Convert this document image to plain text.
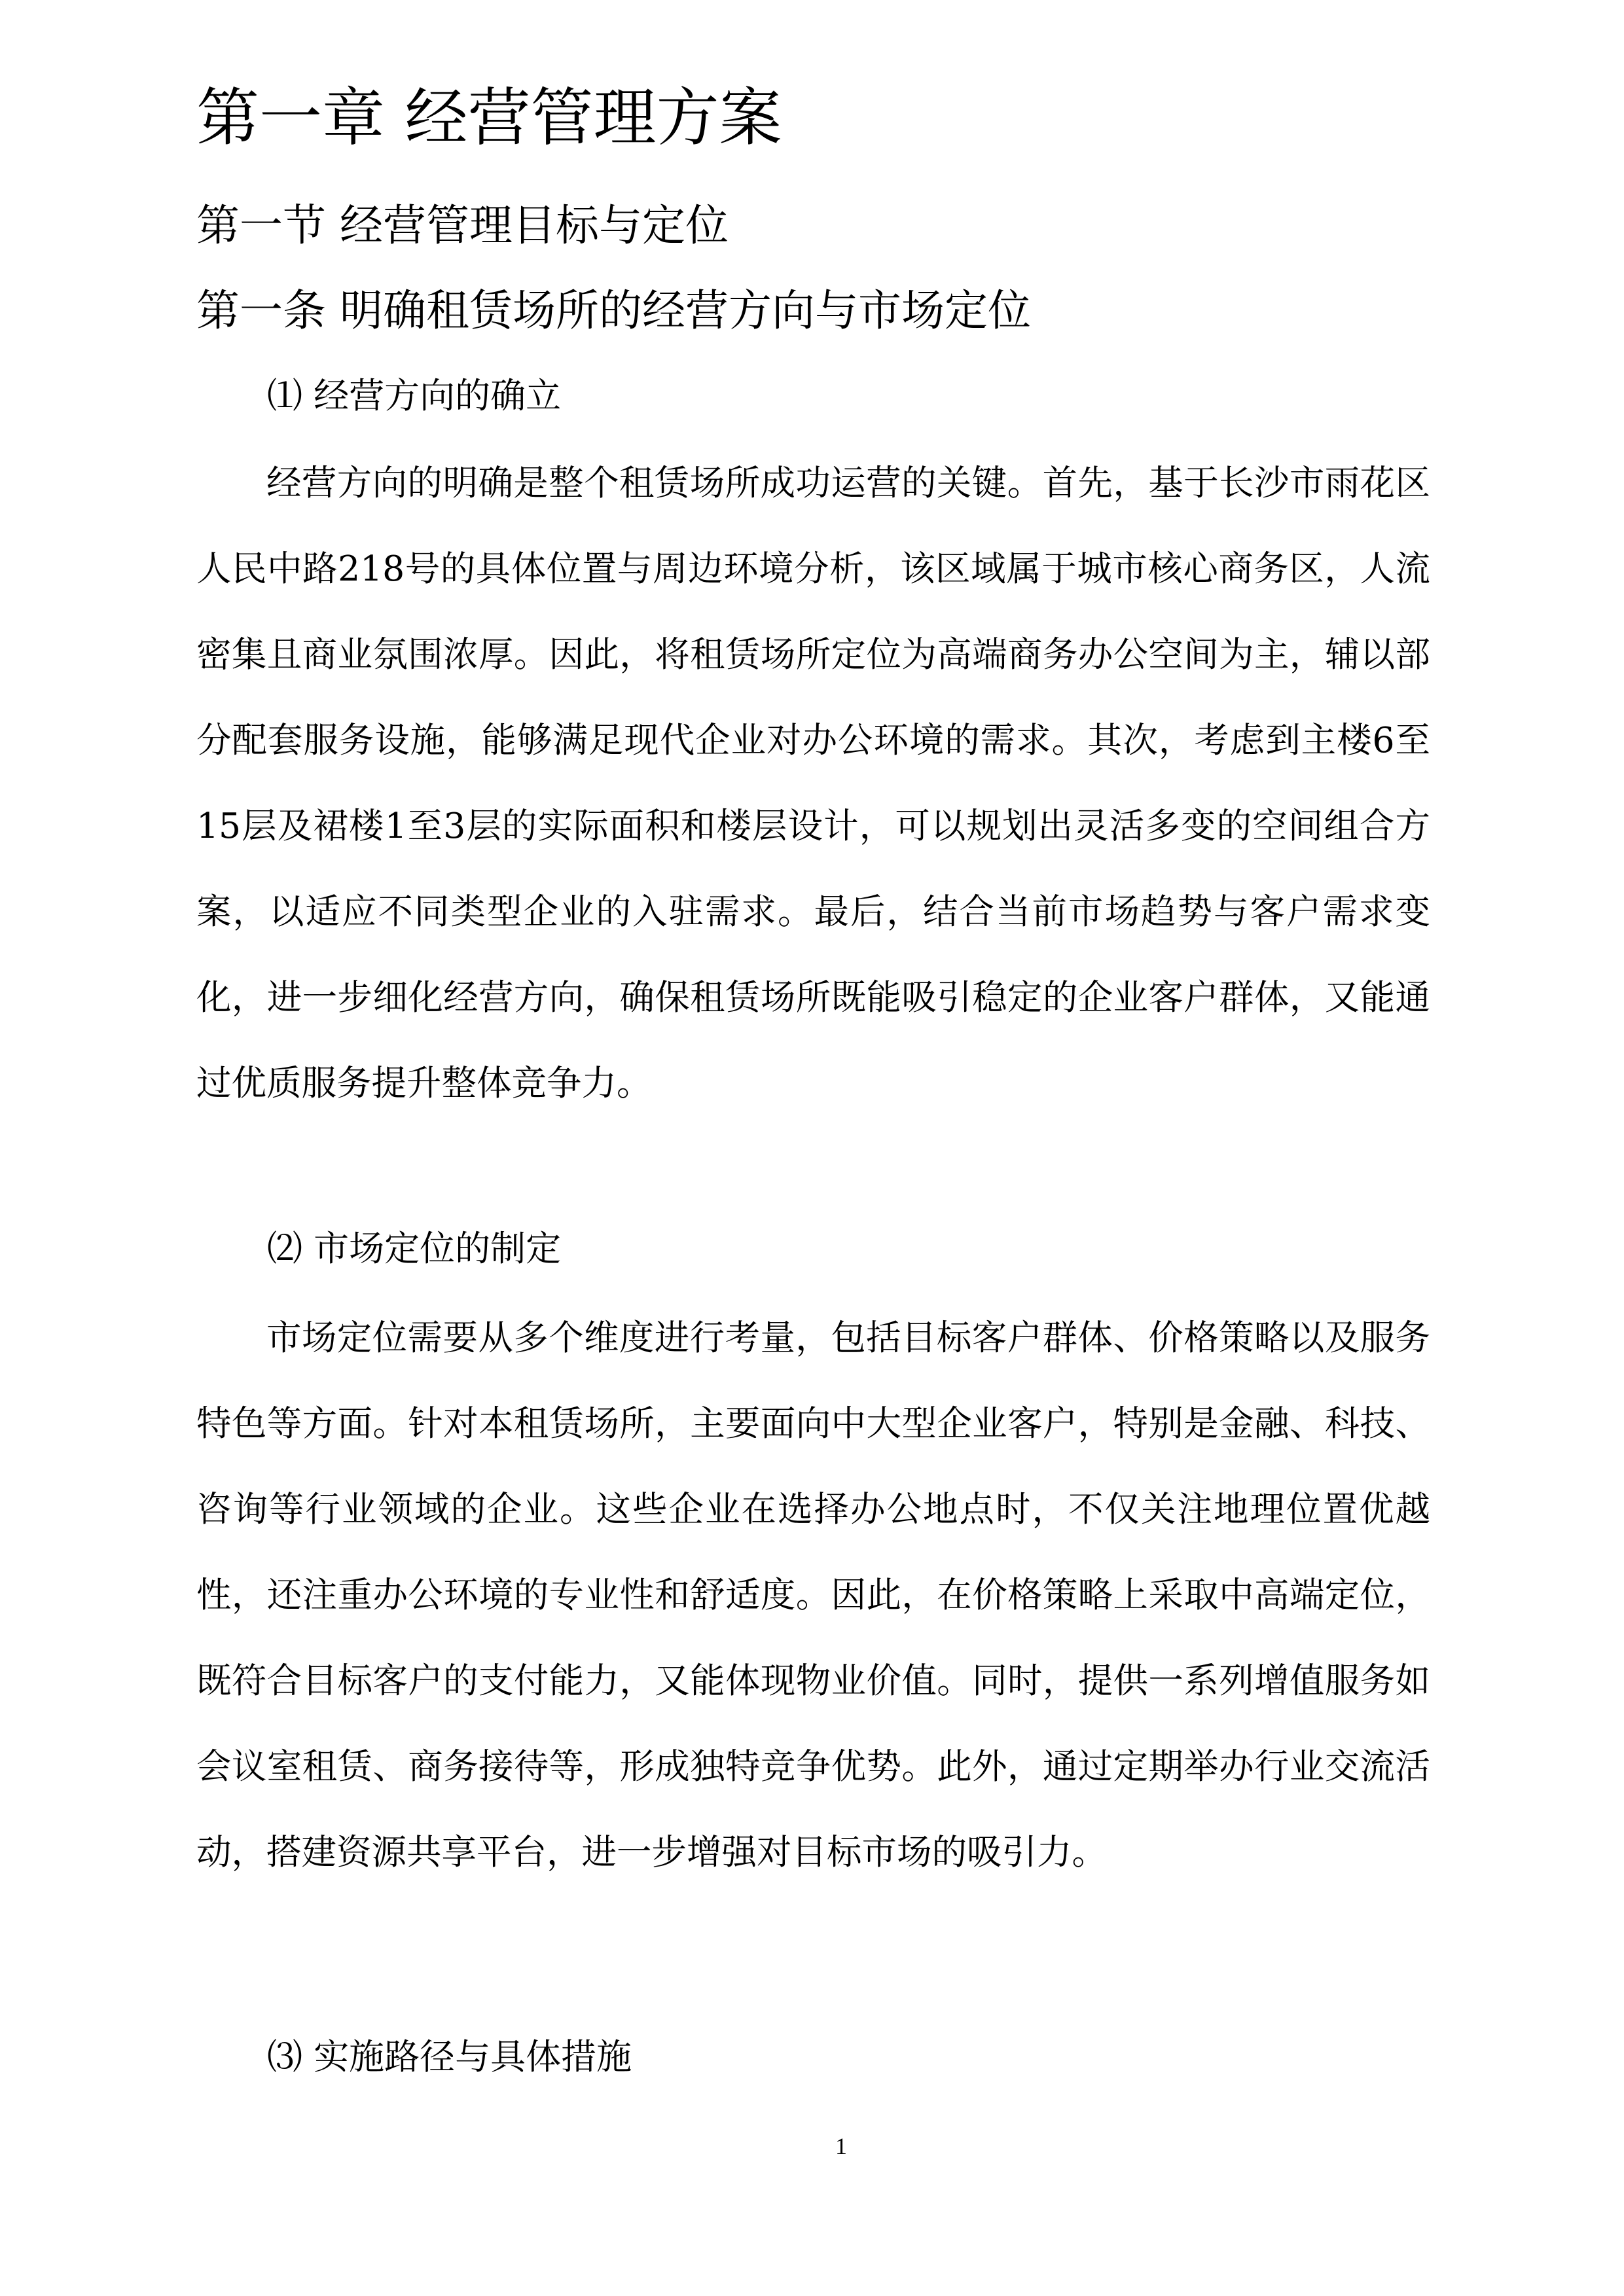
第一章 经营管理方案
第一节 经营管理目标与定位
第一条 明确租赁场所的经营方向与市场定位
⑴ 经营方向的确立
经营方向的明确是整个租赁场所成功运营的关键。首先，基于长沙市雨花区人民中路218号的具体位置与周边环境分析，该区域属于城市核心商务区，人流密集且商业氛围浓厚。因此，将租赁场所定位为高端商务办公空间为主，辅以部分配套服务设施，能够满足现代企业对办公环境的需求。其次，考虑到主楼6至15层及裙楼1至3层的实际面积和楼层设计，可以规划出灵活多变的空间组合方案，以适应不同类型企业的入驻需求。最后，结合当前市场趋势与客户需求变化，进一步细化经营方向，确保租赁场所既能吸引稳定的企业客户群体，又能通过优质服务提升整体竞争力。
⑵ 市场定位的制定
市场定位需要从多个维度进行考量，包括目标客户群体、价格策略以及服务特色等方面。针对本租赁场所，主要面向中大型企业客户，特别是金融、科技、咨询等行业领域的企业。这些企业在选择办公地点时，不仅关注地理位置优越性，还注重办公环境的专业性和舒适度。因此，在价格策略上采取中高端定位，既符合目标客户的支付能力，又能体现物业价值。同时，提供一系列增值服务如会议室租赁、商务接待等，形成独特竞争优势。此外，通过定期举办行业交流活动，搭建资源共享平台，进一步增强对目标市场的吸引力。
⑶ 实施路径与具体措施
1
